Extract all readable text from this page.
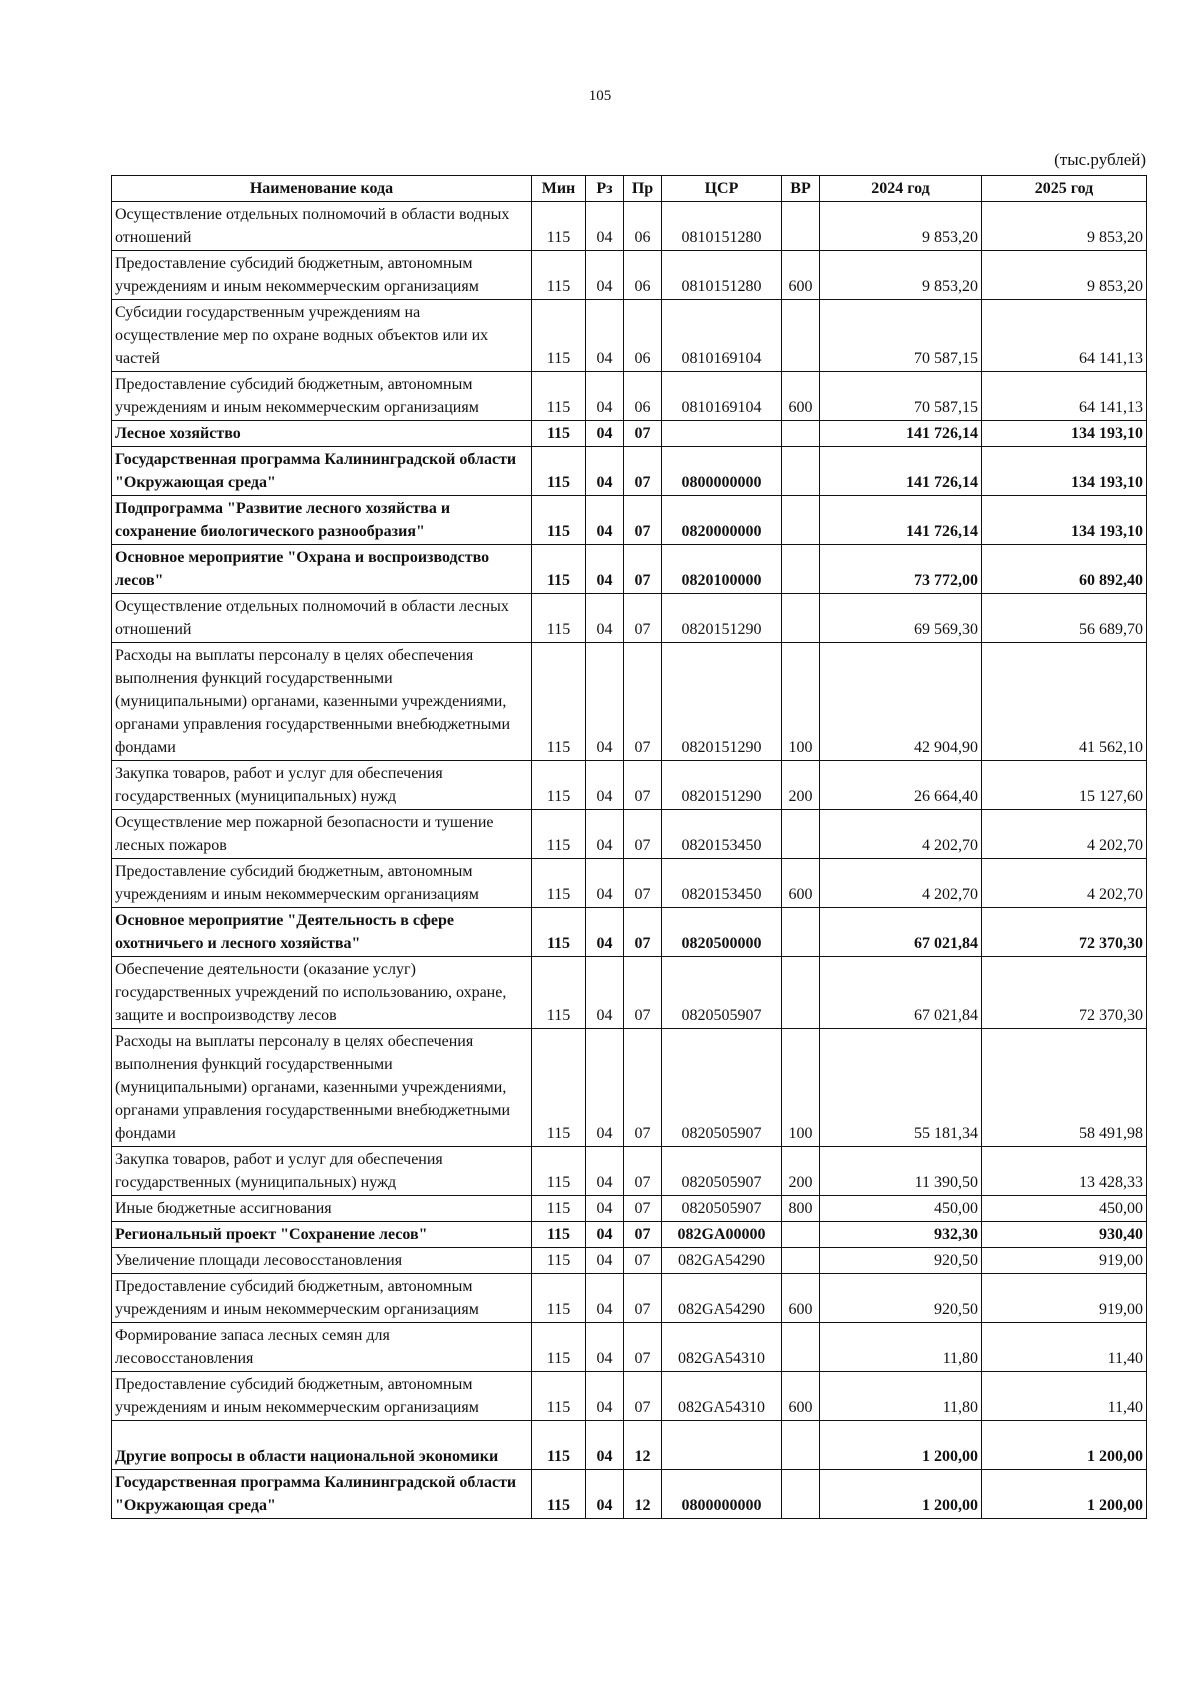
105
(тыс.рублей)
Наименование кода	Мин	Рз	Пр	ЦСР	ВР	2024 год	2025 год
Осуществление отдельных полномочий в области водных отношений	115	04	06	0810151280		9 853,20	9 853,20
Предоставление субсидий бюджетным, автономным учреждениям и иным некоммерческим организациям	115	04	06	0810151280	600	9 853,20	9 853,20
Субсидии государственным учреждениям на осуществление мер по охране водных объектов или их частей	115	04	06	0810169104		70 587,15	64 141,13
Предоставление субсидий бюджетным, автономным учреждениям и иным некоммерческим организациям	115	04	06	0810169104	600	70 587,15	64 141,13
Лесное хозяйство	115	04	07			141 726,14	134 193,10
Государственная программа Калининградской области "Окружающая среда"	115	04	07	0800000000		141 726,14	134 193,10
Подпрограмма "Развитие лесного хозяйства и сохранение биологического разнообразия"	115	04	07	0820000000		141 726,14	134 193,10
Основное мероприятие "Охрана и воспроизводство лесов"	115	04	07	0820100000		73 772,00	60 892,40
Осуществление отдельных полномочий в области лесных отношений	115	04	07	0820151290		69 569,30	56 689,70
Расходы на выплаты персоналу в целях обеспечения выполнения функций государственными (муниципальными) органами, казенными учреждениями, органами управления государственными внебюджетными фондами	115	04	07	0820151290	100	42 904,90	41 562,10
Закупка товаров, работ и услуг для обеспечения государственных (муниципальных) нужд	115	04	07	0820151290	200	26 664,40	15 127,60
Осуществление мер пожарной безопасности и тушение лесных пожаров	115	04	07	0820153450		4 202,70	4 202,70
Предоставление субсидий бюджетным, автономным учреждениям и иным некоммерческим организациям	115	04	07	0820153450	600	4 202,70	4 202,70
Основное мероприятие "Деятельность в сфере охотничьего и лесного хозяйства"	115	04	07	0820500000		67 021,84	72 370,30
Обеспечение деятельности (оказание услуг) государственных учреждений по использованию, охране, защите и воспроизводству лесов	115	04	07	0820505907		67 021,84	72 370,30
Расходы на выплаты персоналу в целях обеспечения выполнения функций государственными (муниципальными) органами, казенными учреждениями, органами управления государственными внебюджетными фондами	115	04	07	0820505907	100	55 181,34	58 491,98
Закупка товаров, работ и услуг для обеспечения государственных (муниципальных) нужд	115	04	07	0820505907	200	11 390,50	13 428,33
Иные бюджетные ассигнования	115	04	07	0820505907	800	450,00	450,00
Региональный проект "Сохранение лесов"	115	04	07	082GA00000		932,30	930,40
Увеличение площади лесовосстановления	115	04	07	082GA54290		920,50	919,00
Предоставление субсидий бюджетным, автономным учреждениям и иным некоммерческим организациям	115	04	07	082GA54290	600	920,50	919,00
Формирование запаса лесных семян для лесовосстановления	115	04	07	082GA54310		11,80	11,40
Предоставление субсидий бюджетным, автономным учреждениям и иным некоммерческим организациям	115	04	07	082GA54310	600	11,80	11,40
Другие вопросы в области национальной экономики	115	04	12			1 200,00	1 200,00
Государственная программа Калининградской области "Окружающая среда"	115	04	12	0800000000		1 200,00	1 200,00
